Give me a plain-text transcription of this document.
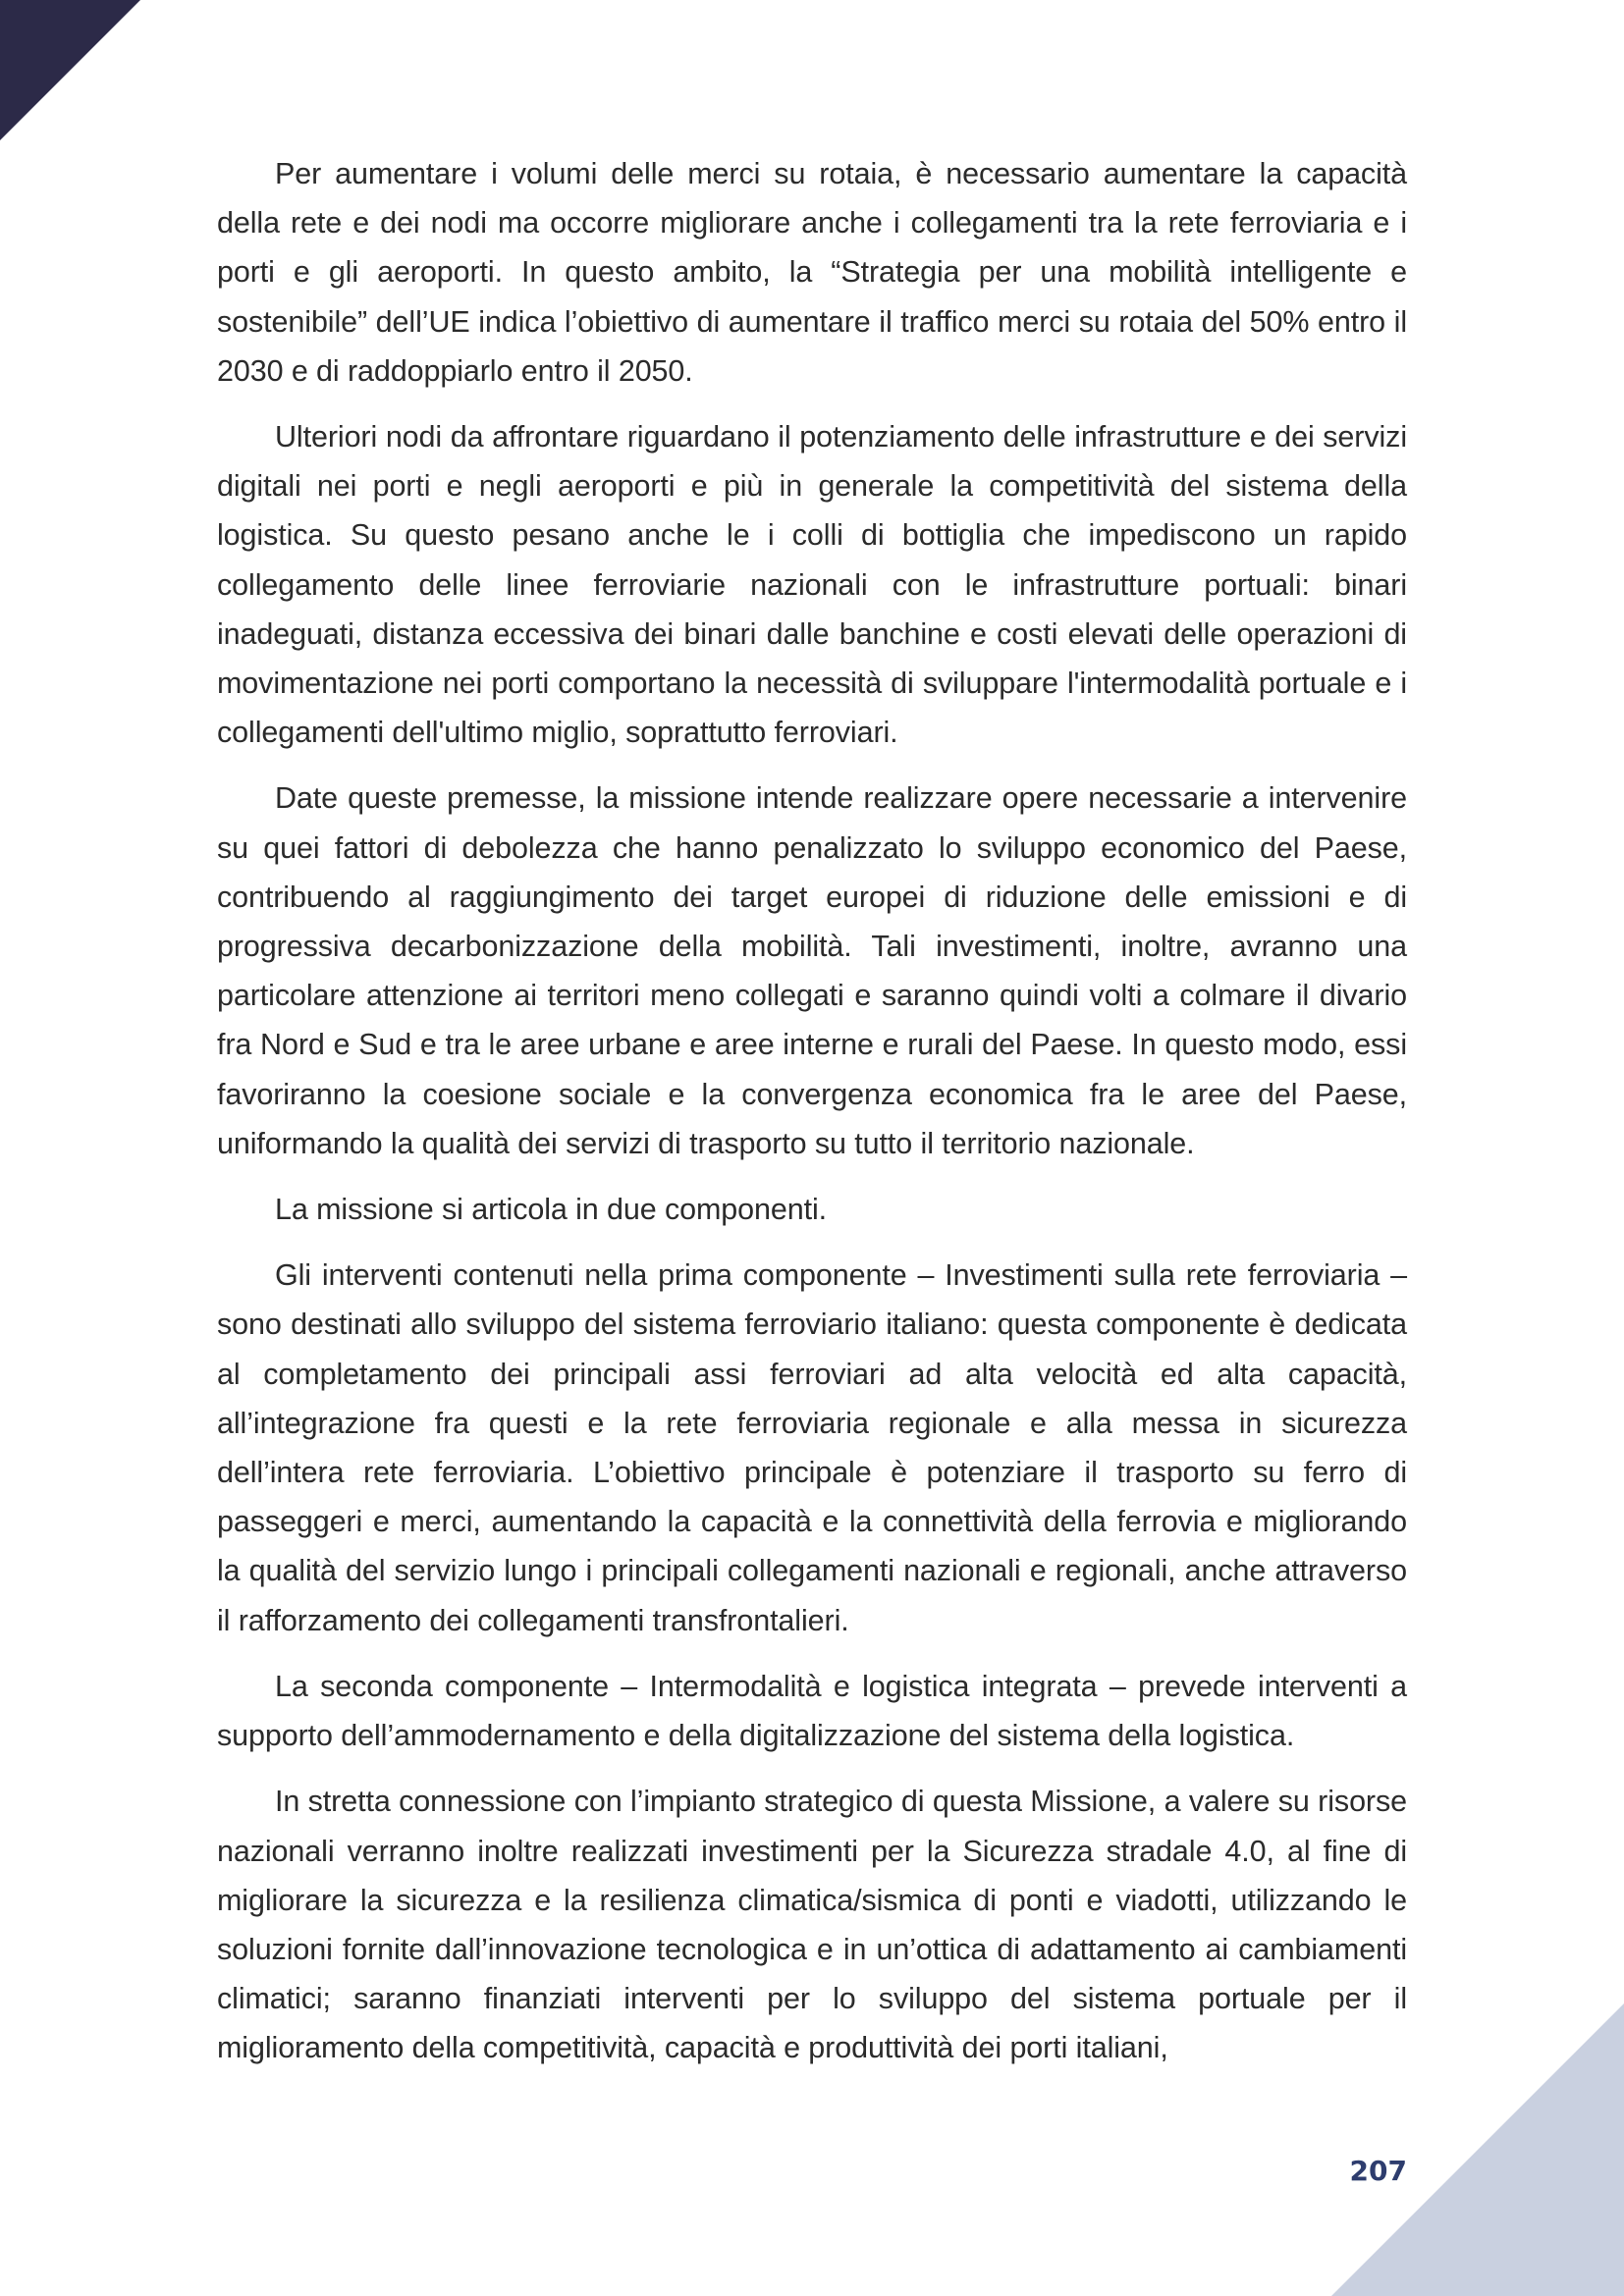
Per aumentare i volumi delle merci su rotaia, è necessario aumentare la capacità della rete e dei nodi ma occorre migliorare anche i collegamenti tra la rete ferroviaria e i porti e gli aeroporti. In questo ambito, la “Strategia per una mobilità intelligente e sostenibile” dell’UE indica l’obiettivo di aumentare il traffico merci su rotaia del 50% entro il 2030 e di raddoppiarlo entro il 2050.

Ulteriori nodi da affrontare riguardano il potenziamento delle infrastrutture e dei servizi digitali nei porti e negli aeroporti e più in generale la competitività del sistema della logistica. Su questo pesano anche le i colli di bottiglia che impediscono un rapido collegamento delle linee ferroviarie nazionali con le infrastrutture portuali: binari inadeguati, distanza eccessiva dei binari dalle banchine e costi elevati delle operazioni di movimentazione nei porti comportano la necessità di sviluppare l'intermodalità portuale e i collegamenti dell'ultimo miglio, soprattutto ferroviari.

Date queste premesse, la missione intende realizzare opere necessarie a intervenire su quei fattori di debolezza che hanno penalizzato lo sviluppo economico del Paese, contribuendo al raggiungimento dei target europei di riduzione delle emissioni e di progressiva decarbonizzazione della mobilità. Tali investimenti, inoltre, avranno una particolare attenzione ai territori meno collegati e saranno quindi volti a colmare il divario fra Nord e Sud e tra le aree urbane e aree interne e rurali del Paese. In questo modo, essi favoriranno la coesione sociale e la convergenza economica fra le aree del Paese, uniformando la qualità dei servizi di trasporto su tutto il territorio nazionale.

La missione si articola in due componenti.

Gli interventi contenuti nella prima componente – Investimenti sulla rete ferroviaria – sono destinati allo sviluppo del sistema ferroviario italiano: questa componente è dedicata al completamento dei principali assi ferroviari ad alta velocità ed alta capacità, all’integrazione fra questi e la rete ferroviaria regionale e alla messa in sicurezza dell’intera rete ferroviaria. L’obiettivo principale è potenziare il trasporto su ferro di passeggeri e merci, aumentando la capacità e la connettività della ferrovia e migliorando la qualità del servizio lungo i principali collegamenti nazionali e regionali, anche attraverso il rafforzamento dei collegamenti transfrontalieri.

La seconda componente – Intermodalità e logistica integrata – prevede interventi a supporto dell’ammodernamento e della digitalizzazione del sistema della logistica.

In stretta connessione con l’impianto strategico di questa Missione, a valere su risorse nazionali verranno inoltre realizzati investimenti per la Sicurezza stradale 4.0, al fine di migliorare la sicurezza e la resilienza climatica/sismica di ponti e viadotti, utilizzando le soluzioni fornite dall’innovazione tecnologica e in un’ottica di adattamento ai cambiamenti climatici; saranno finanziati interventi per lo sviluppo del sistema portuale per il miglioramento della competitività, capacità e produttività dei porti italiani,

207
